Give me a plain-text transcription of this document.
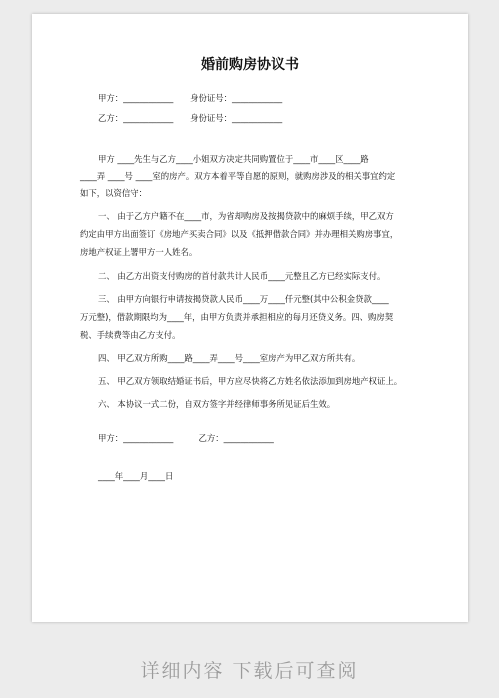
婚前购房协议书
甲方：____________　　身份证号：____________
乙方：____________　　身份证号：____________
甲方 ____先生与乙方____小姐双方决定共同购置位于____市____区____路
____弄 ____号 ____室的房产。双方本着平等自愿的原则，就购房涉及的相关事宜约定
如下，以资信守：
一、 由于乙方户籍不在____市，为省却购房及按揭贷款中的麻烦手续，甲乙双方
约定由甲方出面签订《房地产买卖合同》以及《抵押借款合同》并办理相关购房事宜，
房地产权证上署甲方一人姓名。
二、 由乙方出资支付购房的首付款共计人民币____元整且乙方已经实际支付。
三、 由甲方向银行申请按揭贷款人民币____万____仟元整(其中公积金贷款____
万元整)，借款期限均为____年，由甲方负责并承担相应的每月还贷义务。四、购房契
税、手续费等由乙方支付。
四、 甲乙双方所购____路____弄____号____室房产为甲乙双方所共有。
五、 甲乙双方领取结婚证书后，甲方应尽快将乙方姓名依法添加到房地产权证上。
六、 本协议一式二份，自双方签字并经律师事务所见证后生效。
甲方：____________　　　乙方：____________
____年____月____日
详细内容 下载后可查阅
